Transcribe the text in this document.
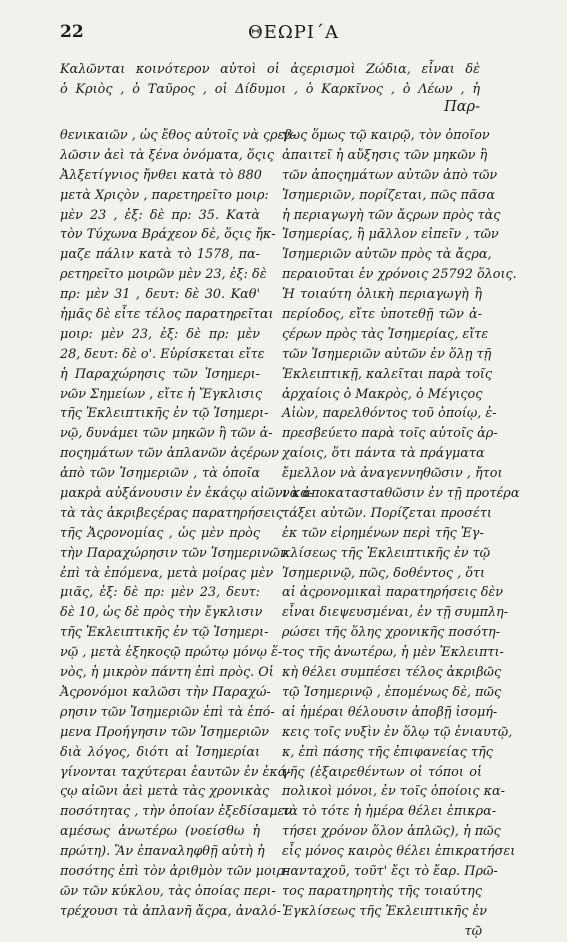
22	ΘΕΩΡΙ΄Α
Καλῶνται κοινότερον αὐτοὶ οἱ ἀςερισμοὶ Ζώδια, εἶναι δὲ
ὁ Κριὸς , ὁ Ταῦρος , οἱ Δίδυμοι , ὁ Καρκῖνος , ὁ Λέων , ἡ
Παρ-
θενικαιῶν , ὡς ἔθος αὐτοῖς νὰ ςρεβ-
λῶσιν ἀεὶ τὰ ξένα ὀνόματα, ὅςις
Ἀλξετίγνιος ἤνθει κατὰ τὸ 880
μετὰ Χριςὸν , παρετηρεῖτο μοιρ:
μὲν 23 , ἐξ: δὲ πρ: 35. Κατὰ
τὸν Τύχωνα Βράχεον δὲ, ὅςις ἤκ-
μαζε πάλιν κατὰ τὸ 1578, πα-
ρετηρεῖτο μοιρῶν μὲν 23, ἐξ: δὲ
πρ: μὲν 31 , δευτ: δὲ 30. Καθ'
ἡμᾶς δὲ εἶτε τέλος παρατηρεῖται
μοιρ: μὲν 23, ἐξ: δὲ πρ: μὲν
28, δευτ: δὲ ο'. Εὑρίσκεται εἴτε
ἡ Παραχώρησις τῶν Ἰσημερι-
νῶν Σημείων , εἴτε ἡ Ἔγκλισις
τῆς Ἐκλειπτικῆς ἐν τῷ Ἰσημερι-
νῷ, δυνάμει τῶν μηκῶν ἢ τῶν ἀ-
ποςημάτων τῶν ἀπλανῶν ἀςέρων
ἀπὸ τῶν Ἰσημεριῶν , τὰ ὁποῖα
μακρὰ αὐξάνουσιν ἐν ἑκάςῳ αἰῶνι κα-
τὰ τὰς ἀκριβεςέρας παρατηρήσεις
τῆς Ἀςρονομίας , ὡς μὲν πρὸς
τὴν Παραχώρησιν τῶν Ἰσημερινῶν
ἐπὶ τὰ ἑπόμενα, μετὰ μοίρας μὲν
μιᾶς, ἐξ: δὲ πρ: μὲν 23, δευτ:
δὲ 10, ὡς δὲ πρὸς τὴν ἔγκλισιν
τῆς Ἐκλειπτικῆς ἐν τῷ Ἰσημερι-
νῷ , μετὰ ἑξηκοςῷ πρώτῳ μόνῳ ἕ-
νὸς, ἡ μικρὸν πάντη ἐπὶ πρὸς. Οἱ
Ἀςρονόμοι καλῶσι τὴν Παραχώ-
ρησιν τῶν Ἰσημεριῶν ἐπὶ τὰ ἑπό-
μενα Προήγησιν τῶν Ἰσημεριῶν
διὰ λόγος, διότι αἱ Ἰσημερίαι
γίνονται ταχύτεραι ἑαυτῶν ἐν ἑκά-
ςῳ αἰῶνι ἀεὶ μετὰ τὰς χρονικὰς
ποσότητας , τὴν ὁποίαν ἐξεδίσαμεν
αμέσως ἀνωτέρω (νοείσθω ἡ
πρώτη). Ἂν ἐπαναληφθῇ αὐτὴ ἡ
ποσότης ἐπὶ τὸν ἀριθμὸν τῶν μοιρ-
ῶν τῶν κύκλου, τὰς ὁποίας περι-
τρέχουσι τὰ ἀπλανῆ ἄςρα, ἀναλό-
γως ὅμως τῷ καιρῷ, τὸν ὁποῖον
ἀπαιτεῖ ἡ αὔξησις τῶν μηκῶν ἢ
τῶν ἀποςημάτων αὐτῶν ἀπὸ τῶν
Ἰσημεριῶν, πορίζεται, πῶς πᾶσα
ἡ περιαγωγὴ τῶν ἄςρων πρὸς τὰς
Ἰσημερίας, ἢ μᾶλλον εἰπεῖν , τῶν
Ἰσημεριῶν αὐτῶν πρὸς τὰ ἄςρα,
περαιοῦται ἐν χρόνοις 25792 ὅλοις.
Ἡ τοιαύτη ὁλικὴ περιαγωγὴ ἢ
περίοδος, εἴτε ὑποτεθῇ τῶν ἀ-
ςέρων πρὸς τὰς Ἰσημερίας, εἴτε
τῶν Ἰσημεριῶν αὐτῶν ἐν ὅλῃ τῇ
Ἐκλειπτικῇ, καλεῖται παρὰ τοῖς
ἀρχαίοις ὁ Μακρὸς, ὁ Μέγιςος
Αἰὼν, παρελθόντος τοῦ ὁποίῳ, ἐ-
πρεσβεύετο παρὰ τοῖς αὐτοῖς ἀρ-
χαίοις, ὅτι πάντα τὰ πράγματα
ἔμελλον νὰ ἀναγεννηθῶσιν , ἤτοι
νὰ ἀποκατασταθῶσιν ἐν τῇ προτέρα
τάξει αὐτῶν. Πορίζεται προσέτι
ἐκ τῶν εἰρημένων περὶ τῆς Ἐγ-
κλίσεως τῆς Ἐκλειπτικῆς ἐν τῷ
Ἰσημερινῷ, πῶς, δοθέντος , ὅτι
αἱ ἀςρονομικαὶ παρατηρήσεις δὲν
εἶναι διεψευσμέναι, ἐν τῇ συμπλη-
ρώσει τῆς ὅλης χρονικῆς ποσότη-
τος τῆς ἀνωτέρω, ἡ μὲν Ἐκλειπτι-
κὴ θέλει συμπέσει τέλος ἀκριβῶς
τῷ Ἰσημερινῷ , ἑπομένως δὲ, πῶς
αἱ ἡμέραι θέλουσιν ἀποβῇ ἰσομή-
κεις τοῖς νυξὶν ἐν ὅλῳ τῷ ἐνιαυτῷ,
κ, ἐπὶ πάσης τῆς ἐπιφανείας τῆς
γῆς (ἐξαιρεθέντων οἱ τόποι οἱ
πολικοὶ μόνοι, ἐν τοῖς ὁποίοις κα-
τὰ τὸ τότε ἡ ἡμέρα θέλει ἐπικρα-
τήσει χρόνον ὅλον ἁπλῶς), ἡ πῶς
εἷς μόνος καιρὸς θέλει ἐπικρατήσει
πανταχοῦ, τοῦτ' ἔςι τὸ ἔαρ. Πρῶ-
τος παρατηρητὴς τῆς τοιαύτης
Ἐγκλίσεως τῆς Ἐκλειπτικῆς ἐν
τῷ
